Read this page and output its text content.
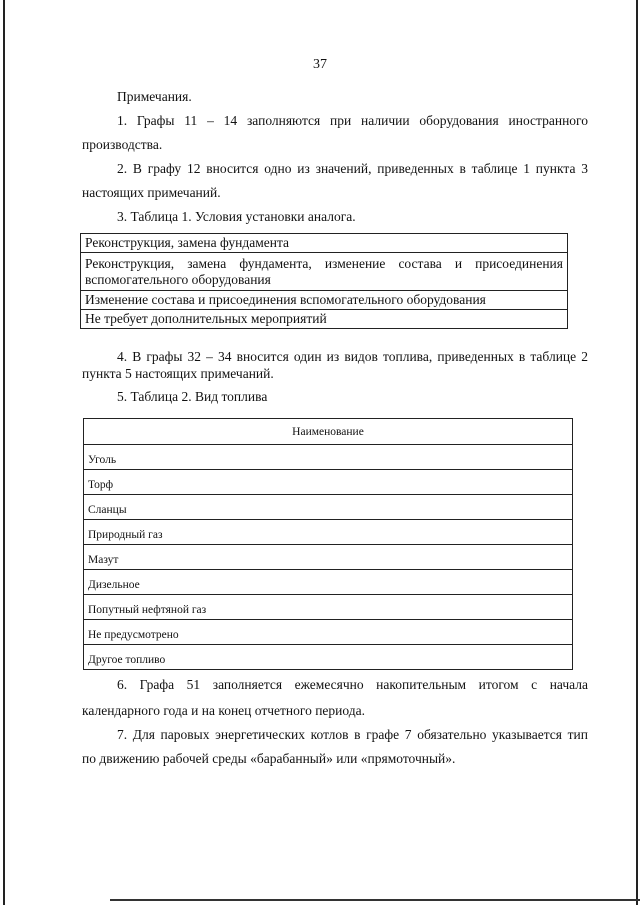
37

Примечания.

1. Графы 11 – 14 заполняются при наличии оборудования иностранного

производства.

2. В графу 12 вносится одно из значений, приведенных в таблице 1 пункта 3

настоящих примечаний.

3. Таблица 1. Условия установки аналога.

Реконструкция, замена фундамента
Реконструкция, замена фундамента, изменение состава и присоединения вспомогательного оборудования
Изменение состава и присоединения вспомогательного оборудования
Не требует дополнительных мероприятий
4. В графы 32 – 34 вносится один из видов топлива, приведенных в таблице 2

пункта 5 настоящих примечаний.

5. Таблица 2. Вид топлива

Наименование
Уголь
Торф
Сланцы
Природный газ
Мазут
Дизельное
Попутный нефтяной газ
Не предусмотрено
Другое топливо
6. Графа 51 заполняется ежемесячно накопительным итогом с начала

календарного года и на конец отчетного периода.

7. Для паровых энергетических котлов в графе 7 обязательно указывается тип

по движению рабочей среды «барабанный» или «прямоточный».
